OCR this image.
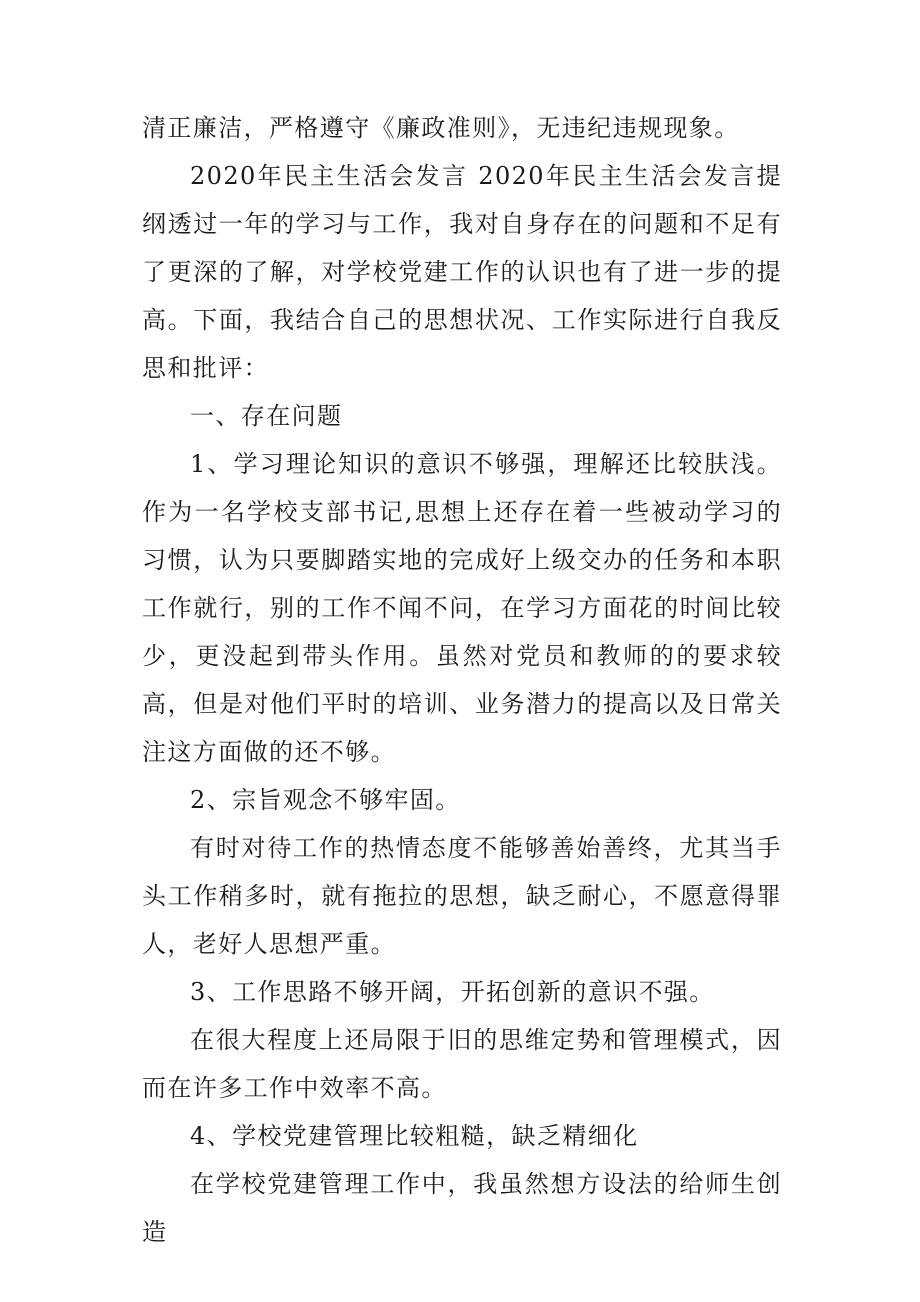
清正廉洁，严格遵守《廉政准则》，无违纪违规现象。

2020年民主生活会发言 2020年民主生活会发言提纲透过一年的学习与工作，我对自身存在的问题和不足有了更深的了解，对学校党建工作的认识也有了进一步的提高。下面，我结合自己的思想状况、工作实际进行自我反思和批评：

一、存在问题

1、学习理论知识的意识不够强，理解还比较肤浅。作为一名学校支部书记,思想上还存在着一些被动学习的习惯，认为只要脚踏实地的完成好上级交办的任务和本职工作就行，别的工作不闻不问，在学习方面花的时间比较少，更没起到带头作用。虽然对党员和教师的的要求较高，但是对他们平时的培训、业务潜力的提高以及日常关注这方面做的还不够。

2、宗旨观念不够牢固。

有时对待工作的热情态度不能够善始善终，尤其当手头工作稍多时，就有拖拉的思想，缺乏耐心，不愿意得罪人，老好人思想严重。

3、工作思路不够开阔，开拓创新的意识不强。

在很大程度上还局限于旧的思维定势和管理模式，因而在许多工作中效率不高。

4、学校党建管理比较粗糙，缺乏精细化

在学校党建管理工作中，我虽然想方设法的给师生创造
